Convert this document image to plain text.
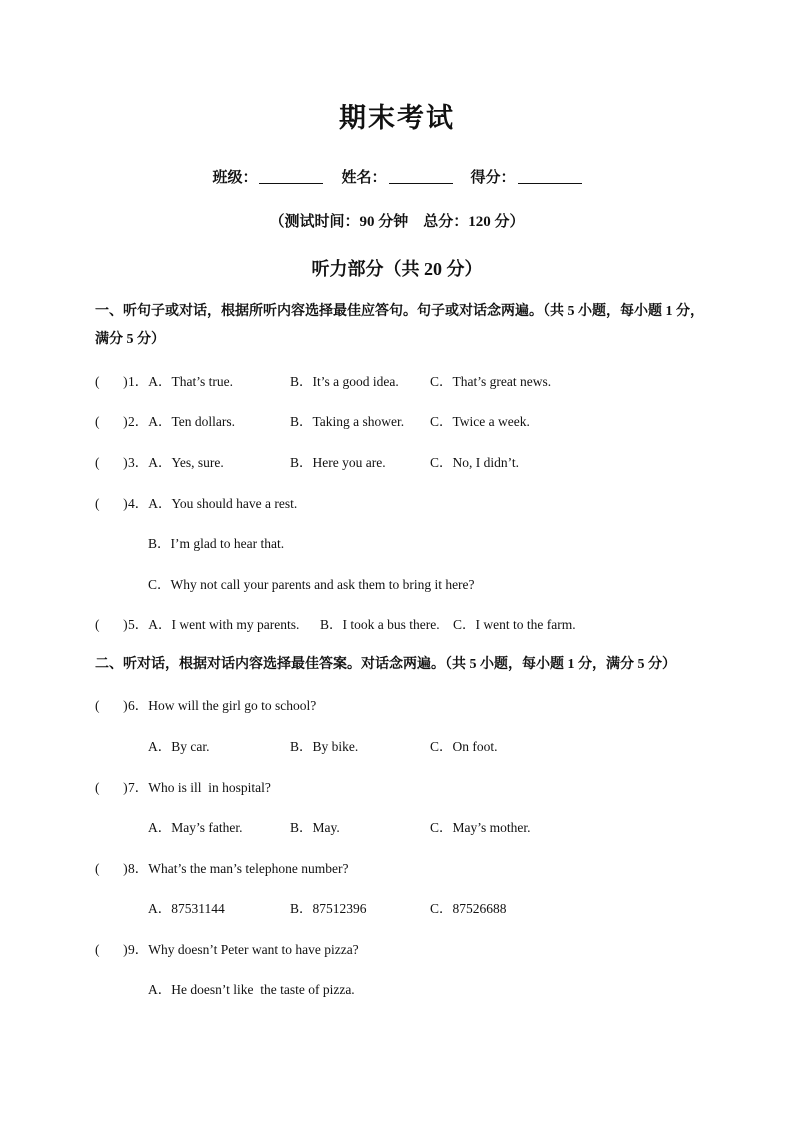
期末考试
班级：	姓名：	得分：
（测试时间：90 分钟    总分：120 分）
听力部分（共 20 分）
一、听句子或对话，根据所听内容选择最佳应答句。句子或对话念两遍。（共 5 小题，每小题 1 分，满分 5 分）
(       )1．A．That’s true.	B．It’s a good idea. C．That’s great news.
(       )2．A．Ten dollars.	B．Taking a shower. C．Twice a week.
(       )3．A．Yes, sure.	B．Here you are.	C．No, I didn’t.
(       )4．A．You should have a rest.
B．I’m glad to hear that.
C．Why not call your parents and ask them to bring it here?
(       )5．A．I went with my parents. B．I took a bus there. C．I went to the farm.
二、听对话，根据对话内容选择最佳答案。对话念两遍。（共 5 小题，每小题 1 分，满分 5 分）
(       )6．How will the girl go to school?
A．By car.	B．By bike.	C．On foot.
(       )7．Who is ill  in hospital?
A．May’s father.	B．May.	C．May’s mother.
(       )8．What’s the man’s telephone number?
A．87531144	B．87512396	C．87526688
(       )9．Why doesn’t Peter want to have pizza?
A．He doesn’t like  the taste of pizza.
